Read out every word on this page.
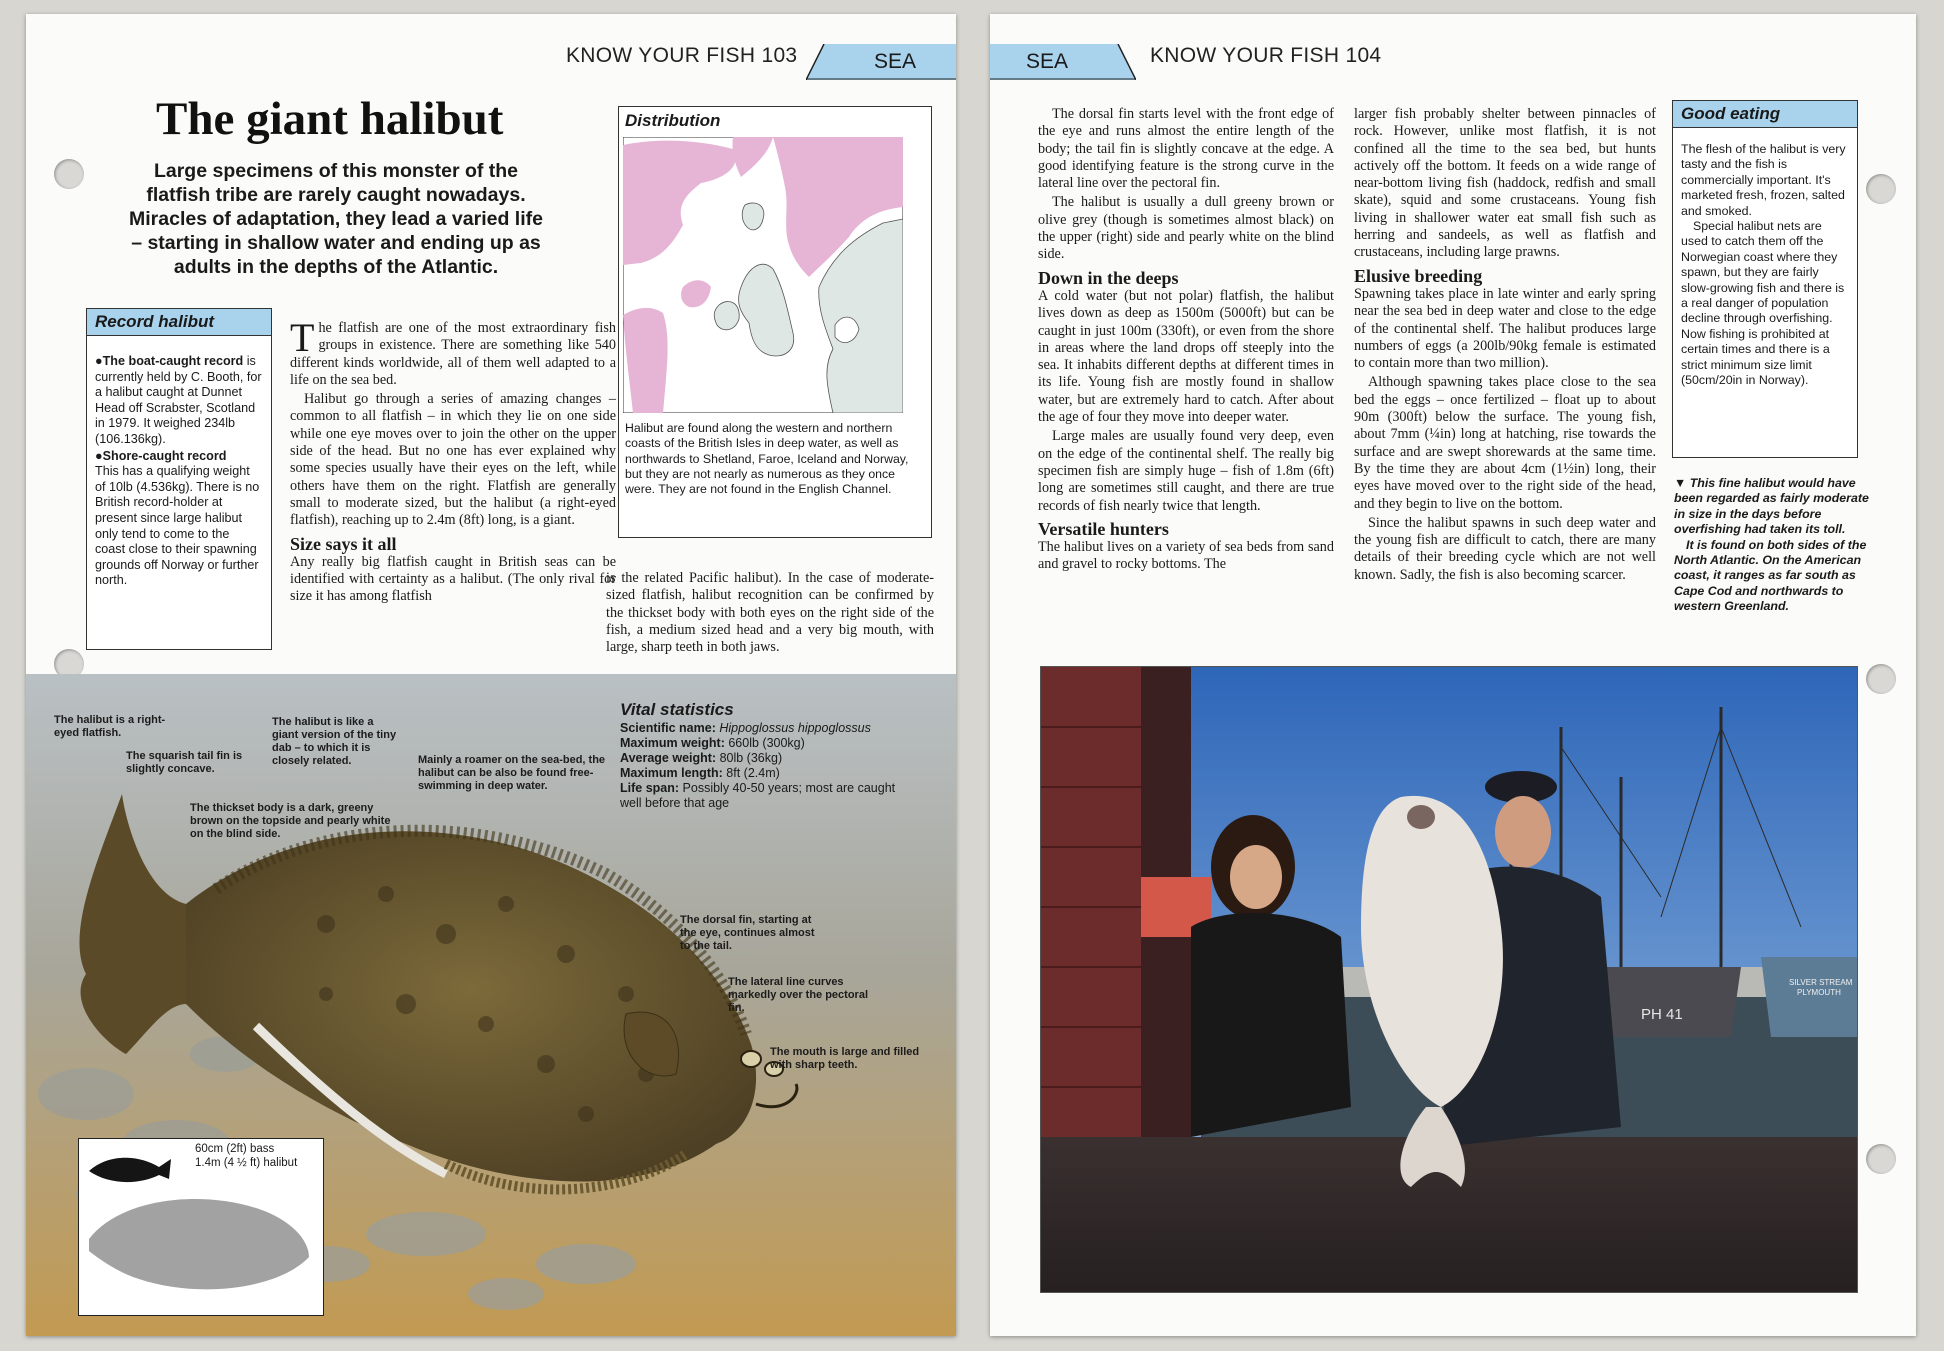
KNOW YOUR FISH 103	SEA
The giant halibut
Large specimens of this monster of the flatfish tribe are rarely caught nowadays. Miracles of adaptation, they lead a varied life – starting in shallow water and ending up as adults in the depths of the Atlantic.
Record halibut
●The boat-caught record is currently held by C. Booth, for a halibut caught at Dunnet Head off Scrabster, Scotland in 1979. It weighed 234lb (106.136kg).
●Shore-caught record
This has a qualifying weight of 10lb (4.536kg). There is no British record-holder at present since large halibut only tend to come to the coast close to their spawning grounds off Norway or further north.

The flatfish are one of the most extraordinary fish groups in existence. There are something like 540 different kinds worldwide, all of them well adapted to a life on the sea bed.

Halibut go through a series of amazing changes – common to all flatfish – in which they lie on one side while one eye moves over to join the other on the upper side of the head. But no one has ever explained why some species usually have their eyes on the left, while others have them on the right. Flatfish are generally small to moderate sized, but the halibut (a right-eyed flatfish), reaching up to 2.4m (8ft) long, is a giant.

Size says it all

Any really big flatfish caught in British seas can be identified with certainty as a halibut. (The only rival for size it has among flatfish

Distribution
Halibut are found along the western and northern coasts of the British Isles in deep water, as well as northwards to Shetland, Faroe, Iceland and Norway, but they are not nearly as numerous as they once were. They are not found in the English Channel.

is the related Pacific halibut). In the case of moderate-sized flatfish, halibut recognition can be confirmed by the thickset body with both eyes on the right side of the fish, a medium sized head and a very big mouth, with large, sharp teeth in both jaws.

The halibut is a right-eyed flatfish.
The halibut is like a giant version of the tiny dab – to which it is closely related.
The squarish tail fin is slightly concave.
Mainly a roamer on the sea-bed, the halibut can be also be found free-swimming in deep water.
The thickset body is a dark, greeny brown on the topside and pearly white on the blind side.
The dorsal fin, starting at the eye, continues almost to the tail.
The lateral line curves markedly over the pectoral fin.
The mouth is large and filled with sharp teeth.
60cm (2ft) bass
1.4m (4 ½ ft) halibut
Vital statistics
Scientific name: Hippoglossus hippoglossus
Maximum weight: 660lb (300kg)
Average weight: 80lb (36kg)
Maximum length: 8ft (2.4m)
Life span: Possibly 40-50 years; most are caught well before that age
SEA	KNOW YOUR FISH 104

The dorsal fin starts level with the front edge of the eye and runs almost the entire length of the body; the tail fin is slightly concave at the edge. A good identifying feature is the strong curve in the lateral line over the pectoral fin.

The halibut is usually a dull greeny brown or olive grey (though is sometimes almost black) on the upper (right) side and pearly white on the blind side.

Down in the deeps

A cold water (but not polar) flatfish, the halibut lives down as deep as 1500m (5000ft) but can be caught in just 100m (330ft), or even from the shore in areas where the land drops off steeply into the sea. It inhabits different depths at different times in its life. Young fish are mostly found in shallow water, but are extremely hard to catch. After about the age of four they move into deeper water.

Large males are usually found very deep, even on the edge of the continental shelf. The really big specimen fish are simply huge – fish of 1.8m (6ft) long are sometimes still caught, and there are true records of fish nearly twice that length.

Versatile hunters

The halibut lives on a variety of sea beds from sand and gravel to rocky bottoms. The

larger fish probably shelter between pinnacles of rock. However, unlike most flatfish, it is not confined all the time to the sea bed, but hunts actively off the bottom. It feeds on a wide range of near-bottom living fish (haddock, redfish and small skate), squid and some crustaceans. Young fish living in shallower water eat small fish such as herring and sandeels, as well as flatfish and crustaceans, including large prawns.

Elusive breeding

Spawning takes place in late winter and early spring near the sea bed in deep water and close to the edge of the continental shelf. The halibut produces large numbers of eggs (a 200lb/90kg female is estimated to contain more than two million).

Although spawning takes place close to the sea bed the eggs – once fertilized – float up to about 90m (300ft) below the surface. The young fish, about 7mm (¼in) long at hatching, rise towards the surface and are swept shorewards at the same time. By the time they are about 4cm (1½in) long, their eyes have moved over to the right side of the head, and they begin to live on the bottom.

Since the halibut spawns in such deep water and the young fish are difficult to catch, there are many details of their breeding cycle which are not well known. Sadly, the fish is also becoming scarcer.

Good eating
The flesh of the halibut is very tasty and the fish is commercially important. It's marketed fresh, frozen, salted and smoked.
Special halibut nets are used to catch them off the Norwegian coast where they spawn, but they are fairly slow-growing fish and there is a real danger of population decline through overfishing. Now fishing is prohibited at certain times and there is a strict minimum size limit (50cm/20in in Norway).

▼ This fine halibut would have been regarded as fairly moderate in size in the days before overfishing had taken its toll.

It is found on both sides of the North Atlantic. On the American coast, it ranges as far south as Cape Cod and northwards to western Greenland.

PH 41
SILVER STREAM
PLYMOUTH
